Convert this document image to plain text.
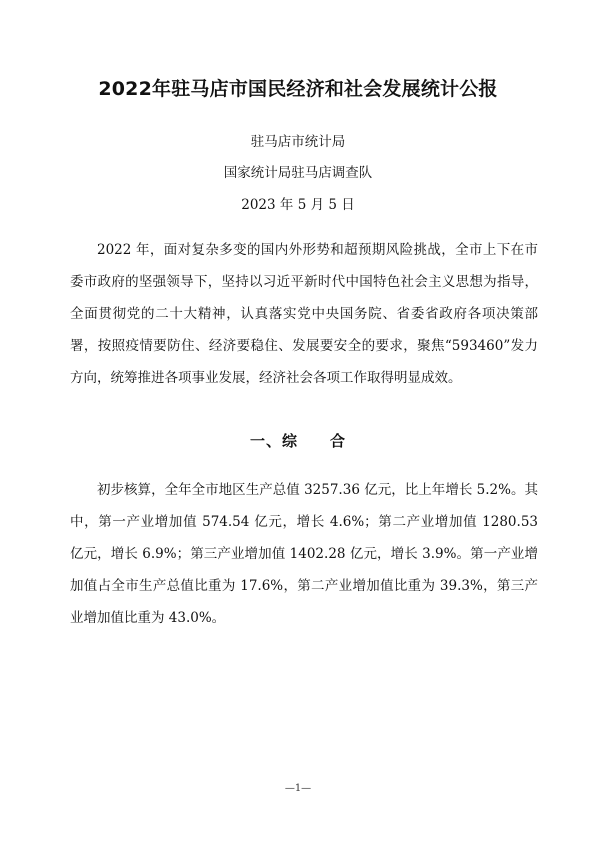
2022年驻马店市国民经济和社会发展统计公报
驻马店市统计局
国家统计局驻马店调查队
2023 年 5 月 5 日
2022 年，面对复杂多变的国内外形势和超预期风险挑战，全市上下在市委市政府的坚强领导下，坚持以习近平新时代中国特色社会主义思想为指导，全面贯彻党的二十大精神，认真落实党中央国务院、省委省政府各项决策部署，按照疫情要防住、经济要稳住、发展要安全的要求，聚焦“593460”发力方向，统筹推进各项事业发展，经济社会各项工作取得明显成效。
一、综　　合
初步核算，全年全市地区生产总值 3257.36 亿元，比上年增长 5.2%。其中，第一产业增加值 574.54 亿元，增长 4.6%；第二产业增加值 1280.53 亿元，增长 6.9%；第三产业增加值 1402.28 亿元，增长 3.9%。第一产业增加值占全市生产总值比重为 17.6%，第二产业增加值比重为 39.3%，第三产业增加值比重为 43.0%。
—1—
